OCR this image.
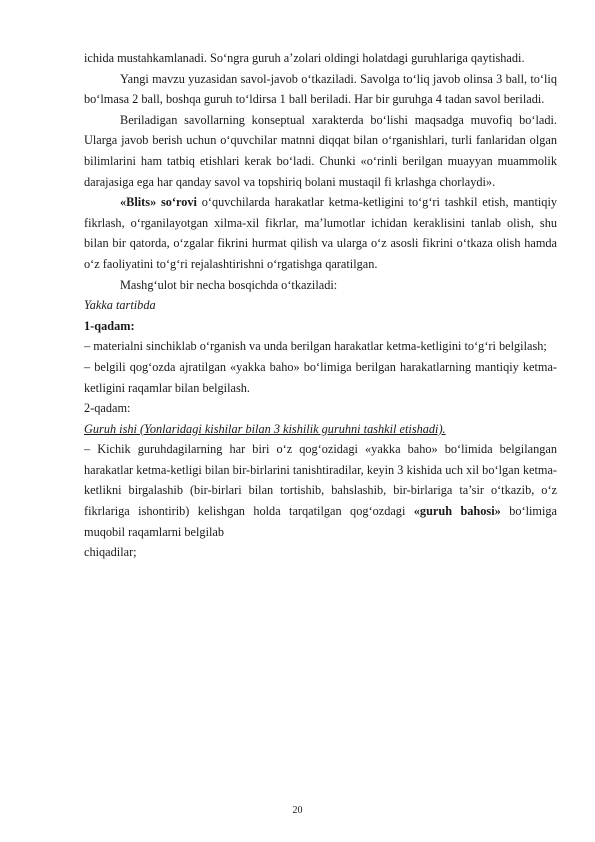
ichida mustahkamlanadi. So‘ngra guruh a’zolari oldingi holatdagi guruhlariga qaytishadi.

Yangi mavzu yuzasidan savol-javob o‘tkaziladi. Savolga to‘liq javob olinsa 3 ball, to‘liq bo‘lmasa 2 ball, boshqa guruh to‘ldirsa 1 ball beriladi. Har bir guruhga 4 tadan savol beriladi.

Beriladigan savollarning konseptual xarakterda bo‘lishi maqsadga muvofiq bo‘ladi. Ularga javob berish uchun o‘quvchilar matnni diqqat bilan o‘rganishlari, turli fanlaridan olgan bilimlarini ham tatbiq etishlari kerak bo‘ladi. Chunki «o‘rinli berilgan muayyan muammolik darajasiga ega har qanday savol va topshiriq bolani mustaqil fi krlashga chorlaydi».

«Blits» so‘rovi o‘quvchilarda harakatlar ketma-ketligini to‘g‘ri tashkil etish, mantiqiy fikrlash, o‘rganilayotgan xilma-xil fikrlar, ma’lumotlar ichidan keraklisini tanlab olish, shu bilan bir qatorda, o‘zgalar fikrini hurmat qilish va ularga o‘z asosli fikrini o‘tkaza olish hamda o‘z faoliyatini to‘g‘ri rejalashtirishni o‘rgatishga qaratilgan.

Mashg‘ulot bir necha bosqichda o‘tkaziladi:

Yakka tartibda

1-qadam:

– materialni sinchiklab o‘rganish va unda berilgan harakatlar ketma-ketligini to‘g‘ri belgilash;

– belgili qog‘ozda ajratilgan «yakka baho» bo‘limiga berilgan harakatlarning mantiqiy ketma-ketligini raqamlar bilan belgilash.

2-qadam:

Guruh ishi (Yonlaridagi kishilar bilan 3 kishilik guruhni tashkil etishadi).

– Kichik guruhdagilarning har biri o‘z qog‘ozidagi «yakka baho» bo‘limida belgilangan harakatlar ketma-ketligi bilan bir-birlarini tanishtiradilar, keyin 3 kishida uch xil bo‘lgan ketma-ketlikni birgalashib (bir-birlari bilan tortishib, bahslashib, bir-birlariga ta’sir o‘tkazib, o‘z fikrlariga ishontirib) kelishgan holda tarqatilgan qog‘ozdagi «guruh bahosi» bo‘limiga muqobil raqamlarni belgilab

chiqadilar;

20
